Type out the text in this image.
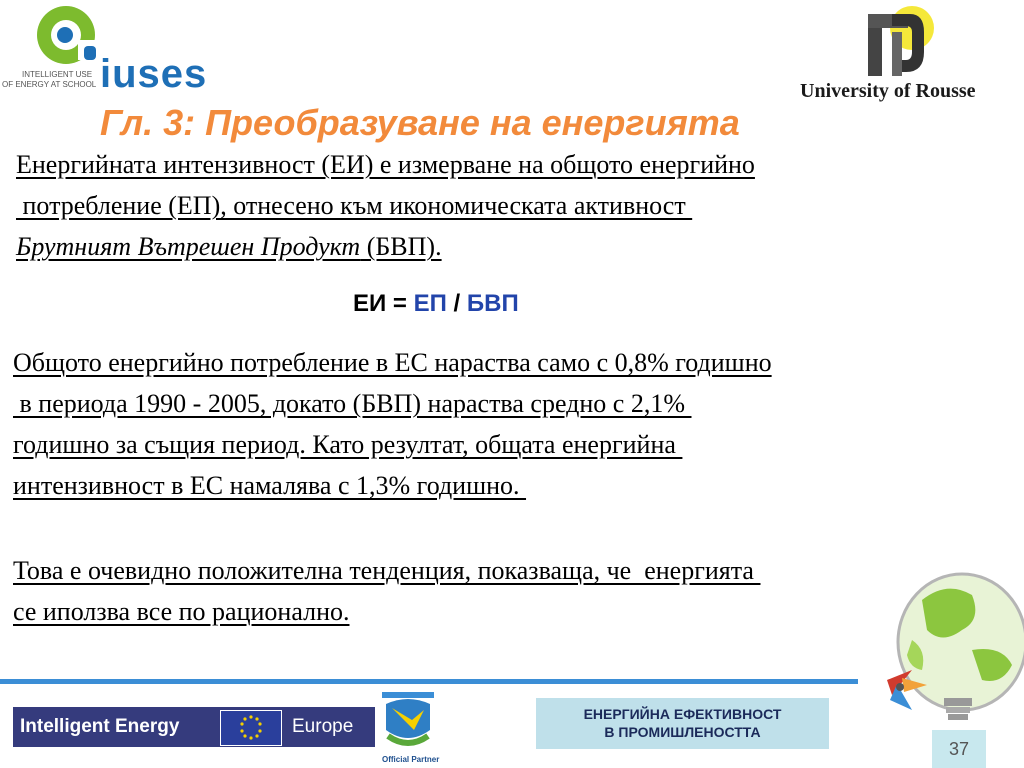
INTELLIGENT USE
OF ENERGY AT SCHOOL iuses	University of Rousse
Гл. 3: Преобразуване на енергията
Енергийната интензивност (ЕИ) е измерване на общото енергийно
потребление (ЕП), отнесено към икономическата активност
Брутният Вътрешен Продукт (БВП).
ЕИ = ЕП / БВП
Общото енергийно потребление в ЕС нараства само с 0,8% годишно
в периода 1990 - 2005, докато (БВП) нараства средно с 2,1%
годишно за същия период. Като резултат, общата енергийна
интензивност в ЕС намалява с 1,3% годишно.
Това е очевидно положителна тенденция, показваща, че  енергията
се иползва все по рационално.
Intelligent Energy	Europe
Official Partner
ЕНЕРГИЙНА ЕФЕКТИВНОСТ
В ПРОМИШЛЕНОСТТА
37
